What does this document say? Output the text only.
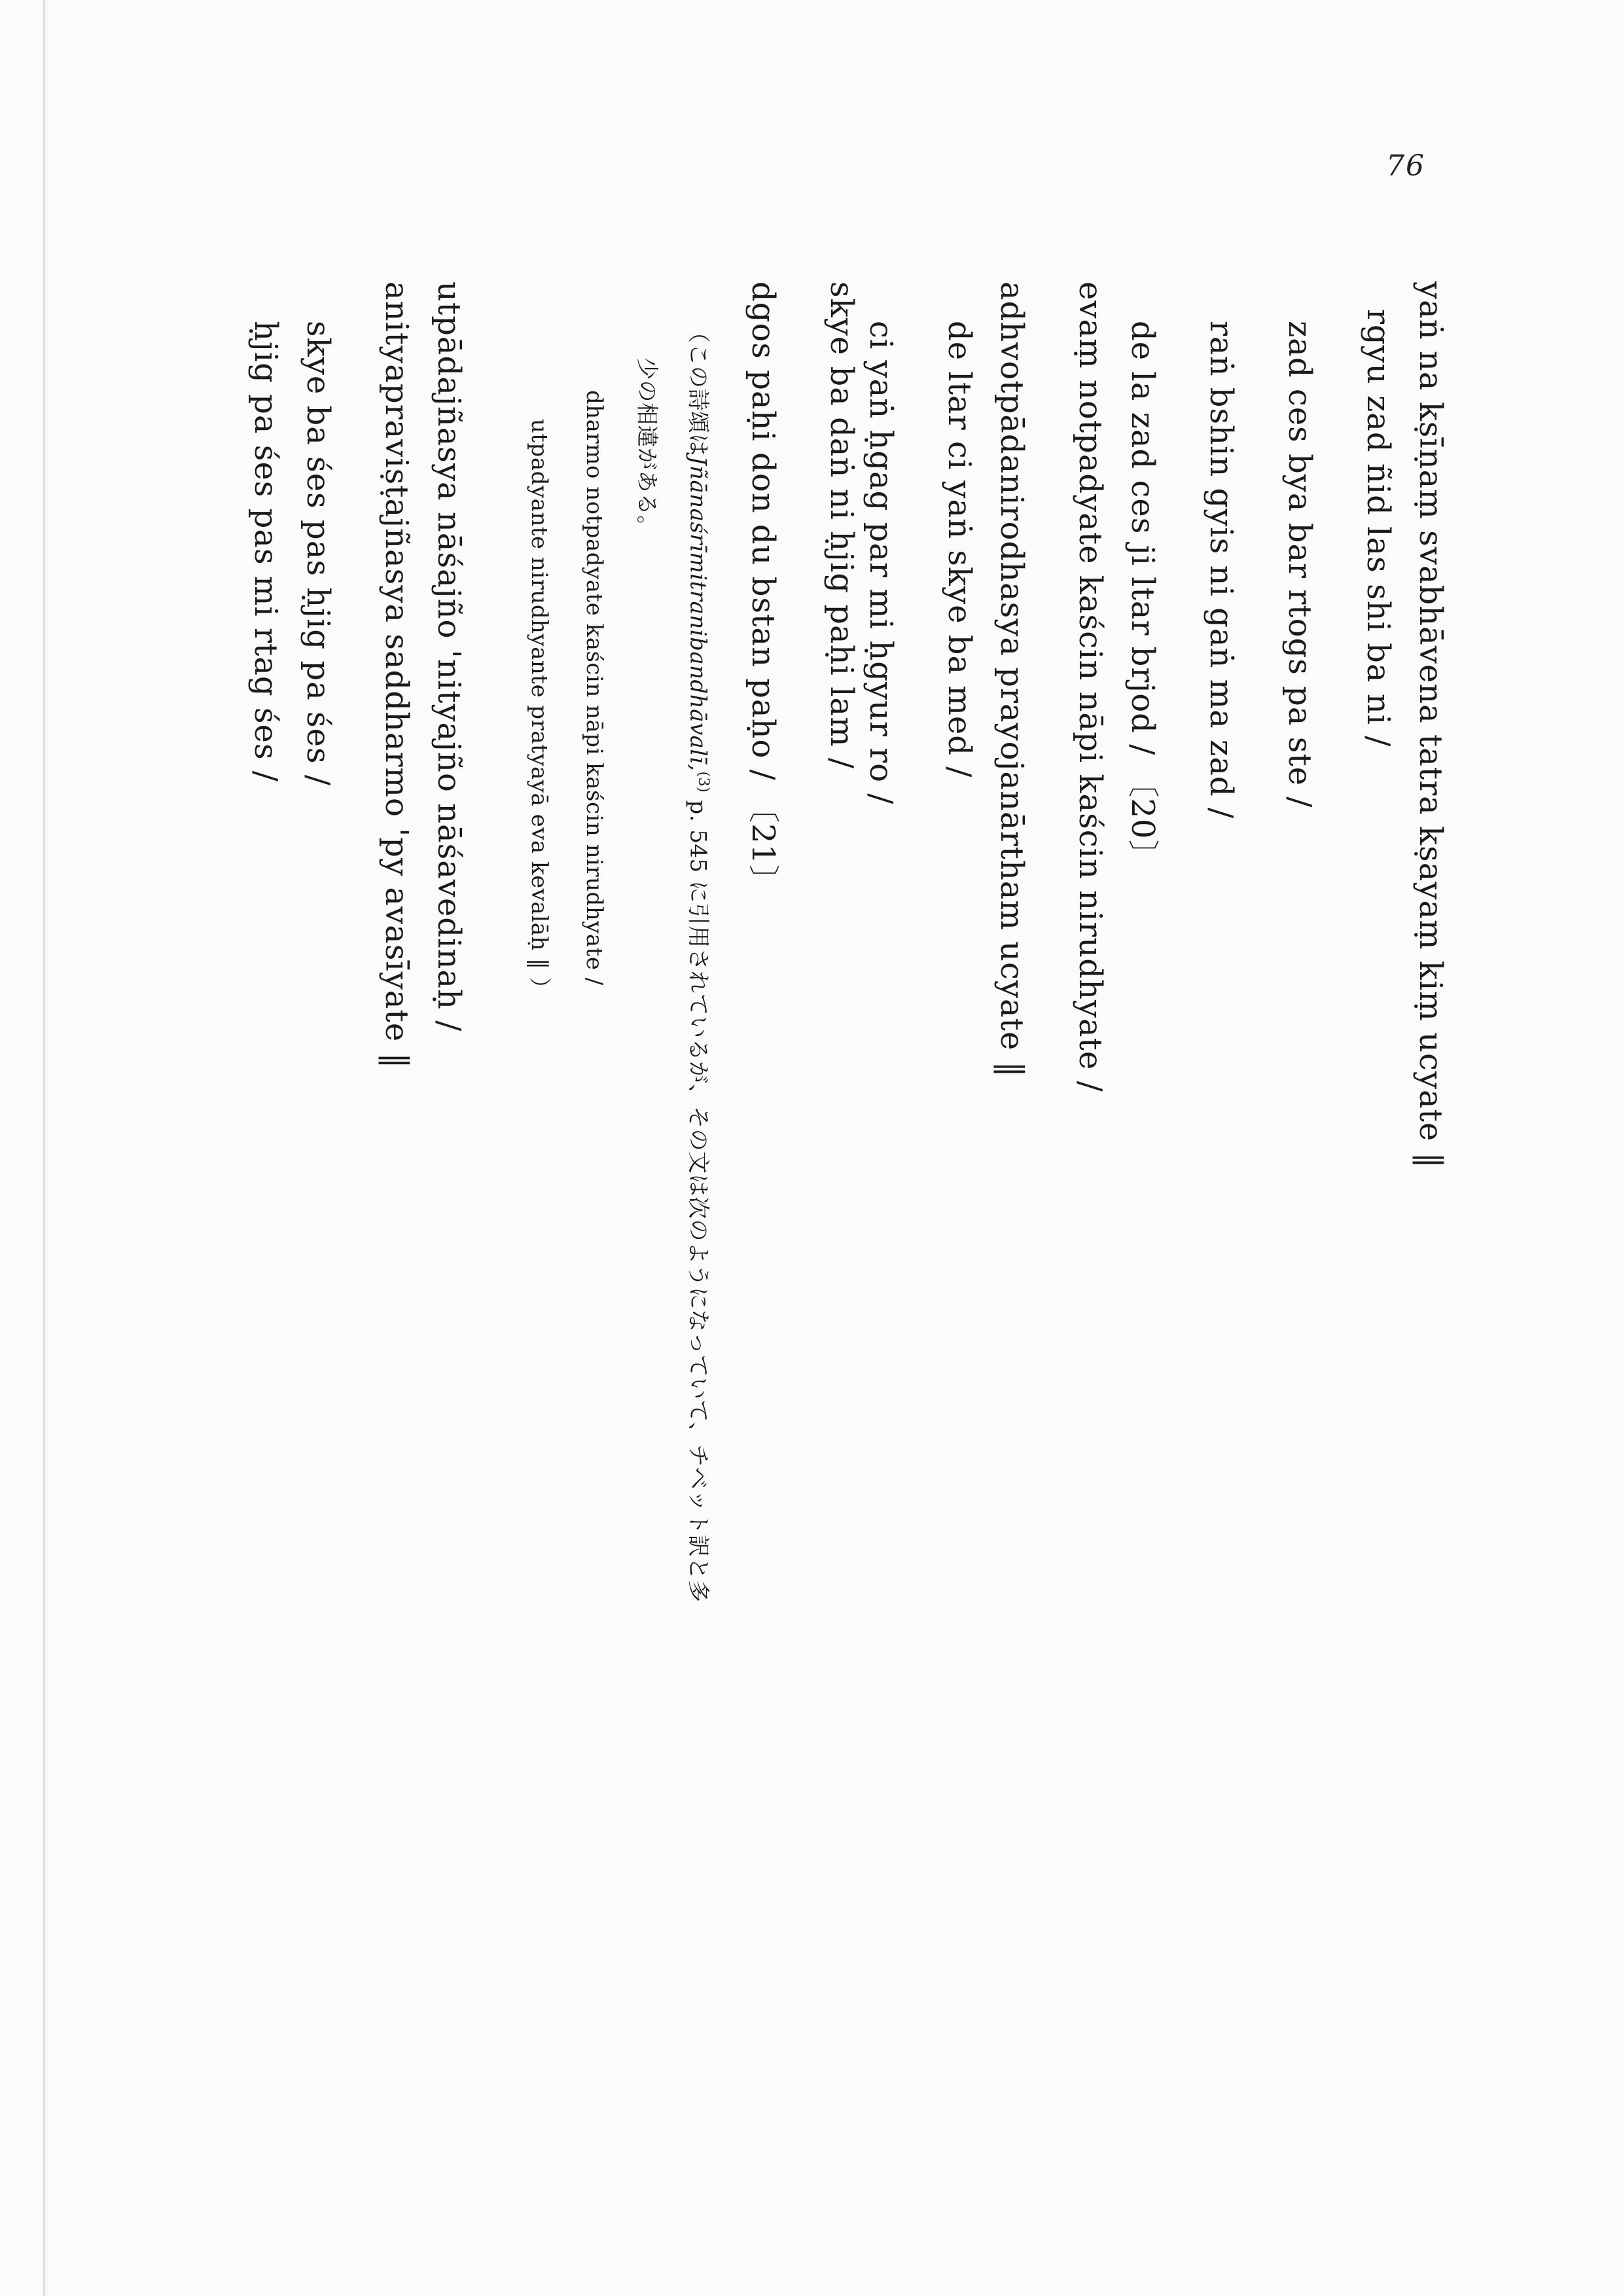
76
yaṅ na kṣīṇaṃ svabhāvena tatra kṣayaṃ kiṃ ucyate ‖
rgyu zad ñid las shi ba ni /
zad ces bya bar rtogs pa ste /
raṅ bshin gyis ni gaṅ ma zad /
de la zad ces ji ltar brjod / 〔20〕
evaṃ notpadyate kaścin nāpi kaścin nirudhyate /
adhvotpādanirodhasya prayojanārtham ucyate ‖
de ltar ci yaṅ skye ba med /
ci yaṅ ḥgag par mi ḥgyur ro /
skye ba daṅ ni ḥjig paḥi lam /
dgos paḥi don du bstan paḥo / 〔21〕
（この詩頌はJñānaśrīmitranibandhāvalī,$^{(3)}$ p. 545 に引用されているが、その文は次のようになっていて、チベット訳と多
少の相違がある。
dharmo notpadyate kaścin nāpi kaścin nirudhyate /
utpadyante nirudhyante pratyayā eva kevalāḥ ‖ ）
utpādajñasya nāśajño 'nityajño nāśavedinaḥ /
anityapraviṣṭajñasya saddharmo 'py avasīyate ‖
skye ba śes pas ḥjig pa śes /
ḥjig pa śes pas mi rtag śes /
